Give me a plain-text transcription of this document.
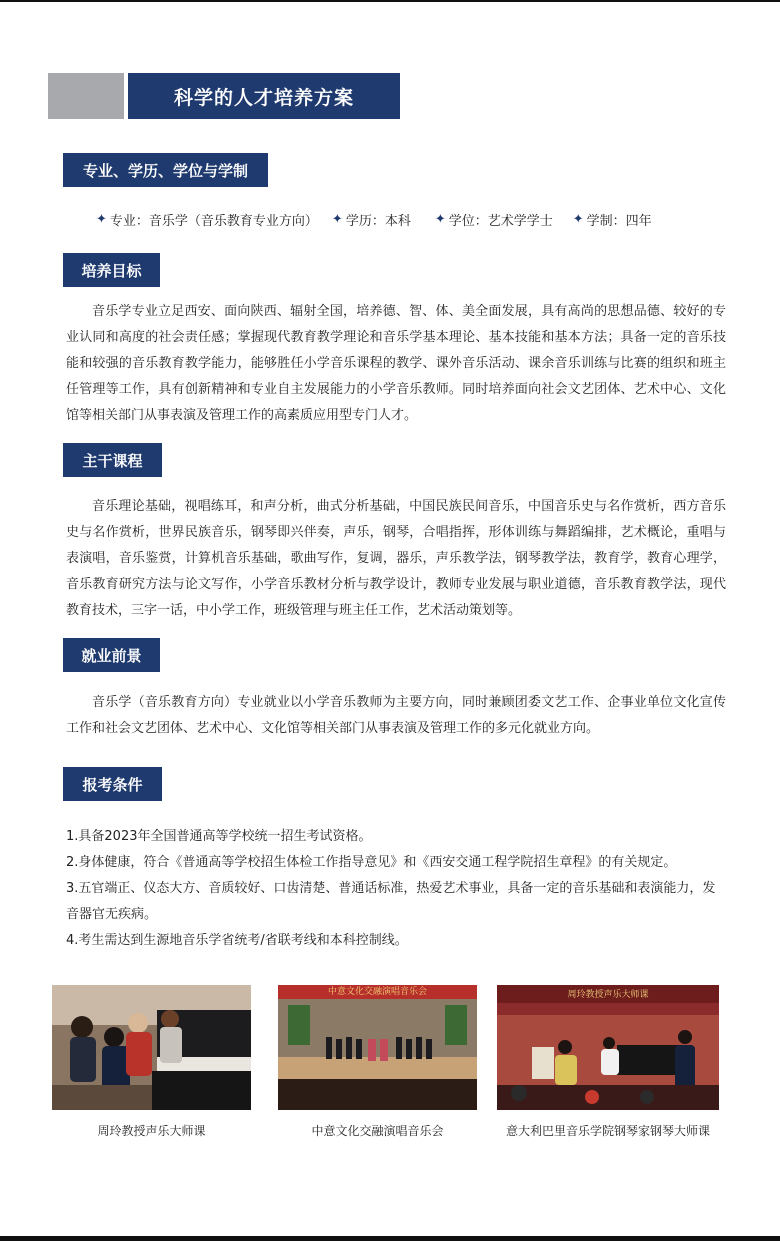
科学的人才培养方案
专业、学历、学位与学制
✦ 专业：音乐学（音乐教育专业方向） ✦ 学历：本科 ✦ 学位：艺术学学士 ✦ 学制：四年
培养目标

音乐学专业立足西安、面向陕西、辐射全国，培养德、智、体、美全面发展，具有高尚的思想品德、较好的专业认同和高度的社会责任感；掌握现代教育教学理论和音乐学基本理论、基本技能和基本方法；具备一定的音乐技能和较强的音乐教育教学能力，能够胜任小学音乐课程的教学、课外音乐活动、课余音乐训练与比赛的组织和班主任管理等工作，具有创新精神和专业自主发展能力的小学音乐教师。同时培养面向社会文艺团体、艺术中心、文化馆等相关部门从事表演及管理工作的高素质应用型专门人才。

主干课程

音乐理论基础，视唱练耳，和声分析，曲式分析基础，中国民族民间音乐，中国音乐史与名作赏析，西方音乐史与名作赏析，世界民族音乐，钢琴即兴伴奏，声乐，钢琴，合唱指挥，形体训练与舞蹈编排，艺术概论，重唱与表演唱，音乐鉴赏，计算机音乐基础，歌曲写作，复调，器乐，声乐教学法，钢琴教学法，教育学，教育心理学，音乐教育研究方法与论文写作，小学音乐教材分析与教学设计，教师专业发展与职业道德，音乐教育教学法，现代教育技术，三字一话，中小学工作，班级管理与班主任工作，艺术活动策划等。

就业前景

音乐学（音乐教育方向）专业就业以小学音乐教师为主要方向，同时兼顾团委文艺工作、企事业单位文化宣传工作和社会文艺团体、艺术中心、文化馆等相关部门从事表演及管理工作的多元化就业方向。

报考条件
1.具备2023年全国普通高等学校统一招生考试资格。
2.身体健康，符合《普通高等学校招生体检工作指导意见》和《西安交通工程学院招生章程》的有关规定。
3.五官端正、仪态大方、音质较好、口齿清楚、普通话标准，热爱艺术事业，具备一定的音乐基础和表演能力，发音器官无疾病。
4.考生需达到生源地音乐学省统考/省联考线和本科控制线。
周玲教授声乐大师课
中意文化交融演唱音乐会
中意文化交融演唱音乐会
周玲教授声乐大师课
意大利巴里音乐学院钢琴家钢琴大师课
